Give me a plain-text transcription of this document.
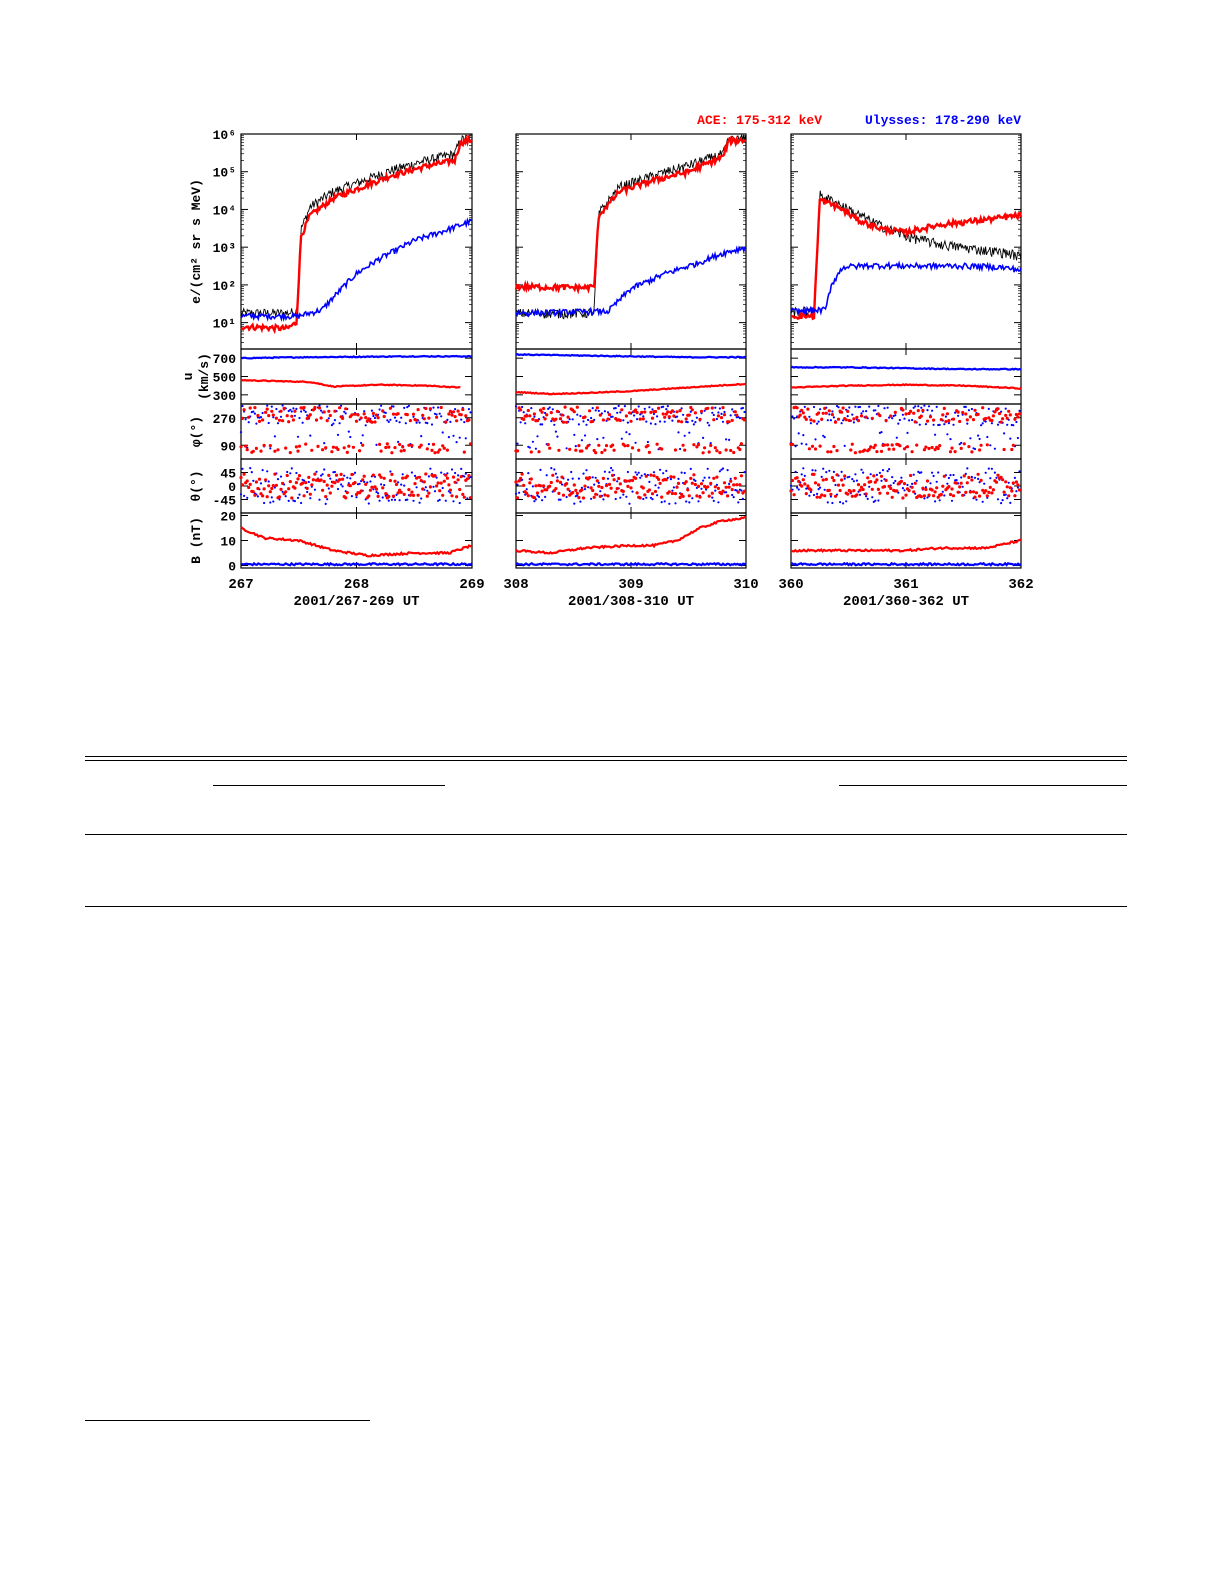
ACE: 175-312 keV	Ulysses: 178-290 keV
10¹
10²
10³
10⁴
10⁵
10⁶
e/(cm² sr s MeV)
300
500
700
u (km/s)
90
270
φ(°)
45
0
-45
θ(°)
20
10
0
B (nT)
267	268	269
2001/267-269 UT
308	309	310
2001/308-310 UT
360	361	362
2001/360-362 UT
